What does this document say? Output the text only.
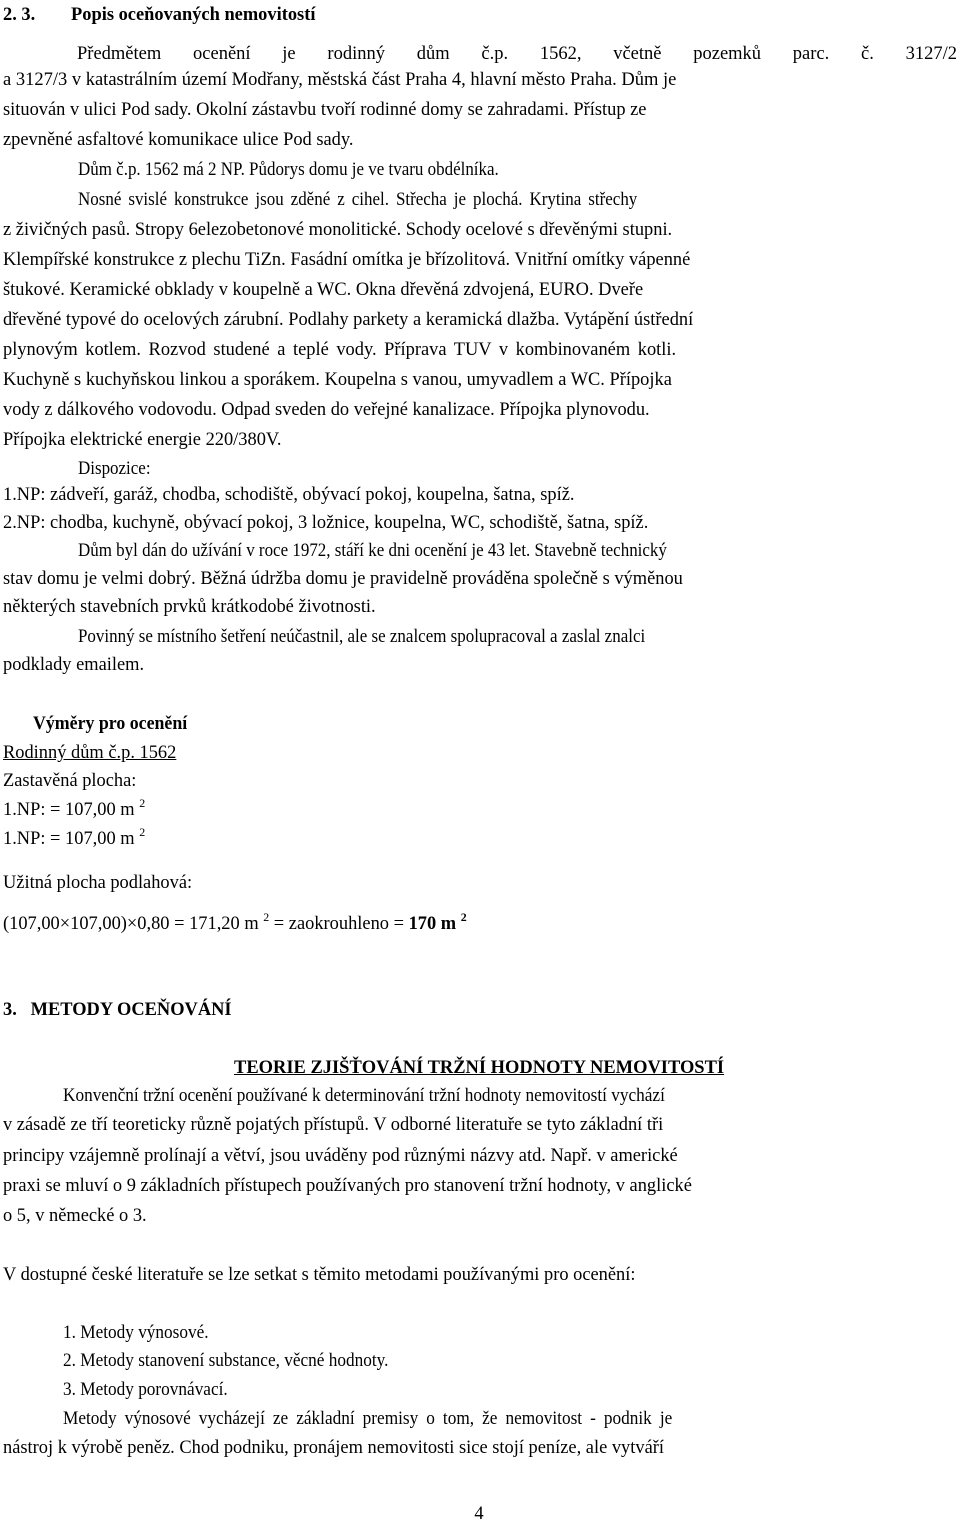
2. 3. Popis oceňovaných nemovitostí
Předmětem ocenění je rodinný dům č.p. 1562, včetně pozemků parc. č. 3127/2
a 3127/3 v katastrálním území Modřany, městská část Praha 4, hlavní město Praha. Dům je
situován v ulici Pod sady. Okolní zástavbu tvoří rodinné domy se zahradami. Přístup ze
zpevněné asfaltové komunikace ulice Pod sady.
Dům č.p. 1562 má 2 NP. Půdorys domu je ve tvaru obdélníka.
Nosné svislé konstrukce jsou zděné z cihel. Střecha je plochá. Krytina střechy
z živičných pasů. Stropy 6elezobetonové monolitické. Schody ocelové s dřevěnými stupni.
Klempířské konstrukce z plechu TiZn. Fasádní omítka je břízolitová. Vnitřní omítky vápenné
štukové. Keramické obklady v koupelně a WC. Okna dřevěná zdvojená, EURO. Dveře
dřevěné typové do ocelových zárubní. Podlahy parkety a keramická dlažba. Vytápění ústřední
plynovým kotlem. Rozvod studené a teplé vody. Příprava TUV v kombinovaném kotli.
Kuchyně s kuchyňskou linkou a sporákem. Koupelna s vanou, umyvadlem a WC. Přípojka
vody z dálkového vodovodu. Odpad sveden do veřejné kanalizace. Přípojka plynovodu.
Přípojka elektrické energie 220/380V.
Dispozice:
1.NP: zádveří, garáž, chodba, schodiště, obývací pokoj, koupelna, šatna, spíž.
2.NP: chodba, kuchyně, obývací pokoj, 3 ložnice, koupelna, WC, schodiště, šatna, spíž.
Dům byl dán do užívání v roce 1972, stáří ke dni ocenění je 43 let. Stavebně technický
stav domu je velmi dobrý. Běžná údržba domu je pravidelně prováděna společně s výměnou
některých stavebních prvků krátkodobé životnosti.
Povinný se místního šetření neúčastnil, ale se znalcem spolupracoval a zaslal znalci
podklady emailem.
Výměry pro ocenění
Rodinný dům č.p. 1562
Zastavěná plocha:
1.NP: = 107,00 m $^2$
1.NP: = 107,00 m $^2$
Užitná plocha podlahová:
(107,00×107,00)×0,80 = 171,20 m $^2$ = zaokrouhleno = 170 m $^2$
3.   METODY OCEŇOVÁNÍ
TEORIE ZJIŠŤOVÁNÍ TRŽNÍ HODNOTY NEMOVITOSTÍ
Konvenční tržní ocenění používané k determinování tržní hodnoty nemovitostí vychází
v zásadě ze tří teoreticky různě pojatých přístupů. V odborné literatuře se tyto základní tři
principy vzájemně prolínají a větví, jsou uváděny pod různými názvy atd. Např. v americké
praxi se mluví o 9 základních přístupech používaných pro stanovení tržní hodnoty, v anglické
o 5, v německé o 3.
V dostupné české literatuře se lze setkat s těmito metodami používanými pro ocenění:
1. Metody výnosové.
2. Metody stanovení substance, věcné hodnoty.
3. Metody porovnávací.
Metody výnosové vycházejí ze základní premisy o tom, že nemovitost - podnik je
nástroj k výrobě peněz. Chod podniku, pronájem nemovitosti sice stojí peníze, ale vytváří
4
